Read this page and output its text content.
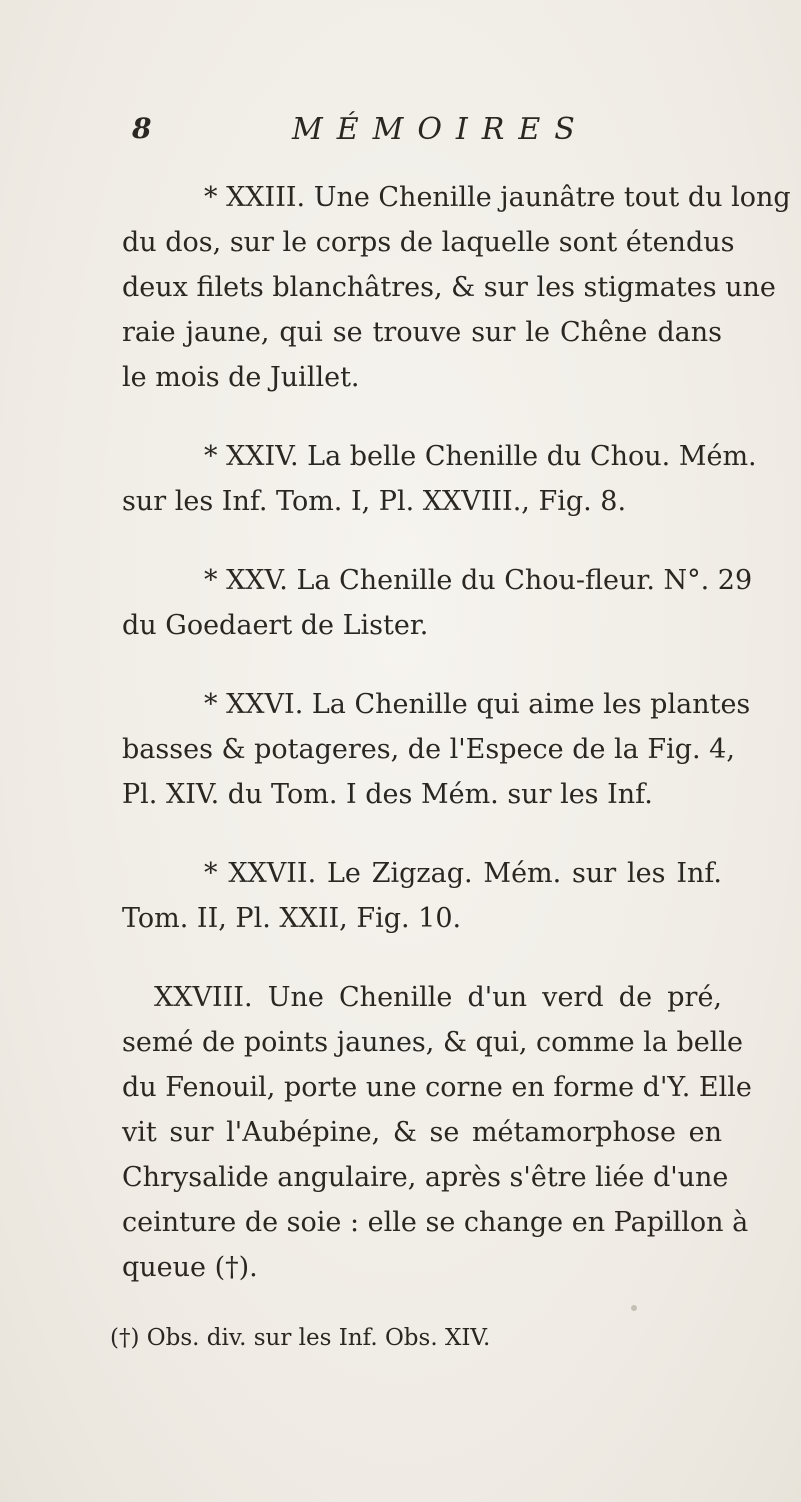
8	MÉMOIRES
* XXIII. Une Chenille jaunâtre tout du long
du dos, sur le corps de laquelle sont étendus
deux filets blanchâtres, & sur les stigmates une
raie jaune, qui se trouve sur le Chêne dans
le mois de Juillet.
* XXIV. La belle Chenille du Chou. Mém.
sur les Inf. Tom. I, Pl. XXVIII., Fig. 8.
* XXV. La Chenille du Chou-fleur. N°. 29
du Goedaert de Lister.
* XXVI. La Chenille qui aime les plantes
basses & potageres, de l'Espece de la Fig. 4,
Pl. XIV. du Tom. I des Mém. sur les Inf.
* XXVII. Le Zigzag. Mém. sur les Inf.
Tom. II, Pl. XXII, Fig. 10.
XXVIII. Une Chenille d'un verd de pré,
semé de points jaunes, & qui, comme la belle
du Fenouil, porte une corne en forme d'Y. Elle
vit sur l'Aubépine, & se métamorphose en
Chrysalide angulaire, après s'être liée d'une
ceinture de soie : elle se change en Papillon à
queue (†).
(†) Obs. div. sur les Inf. Obs. XIV.
